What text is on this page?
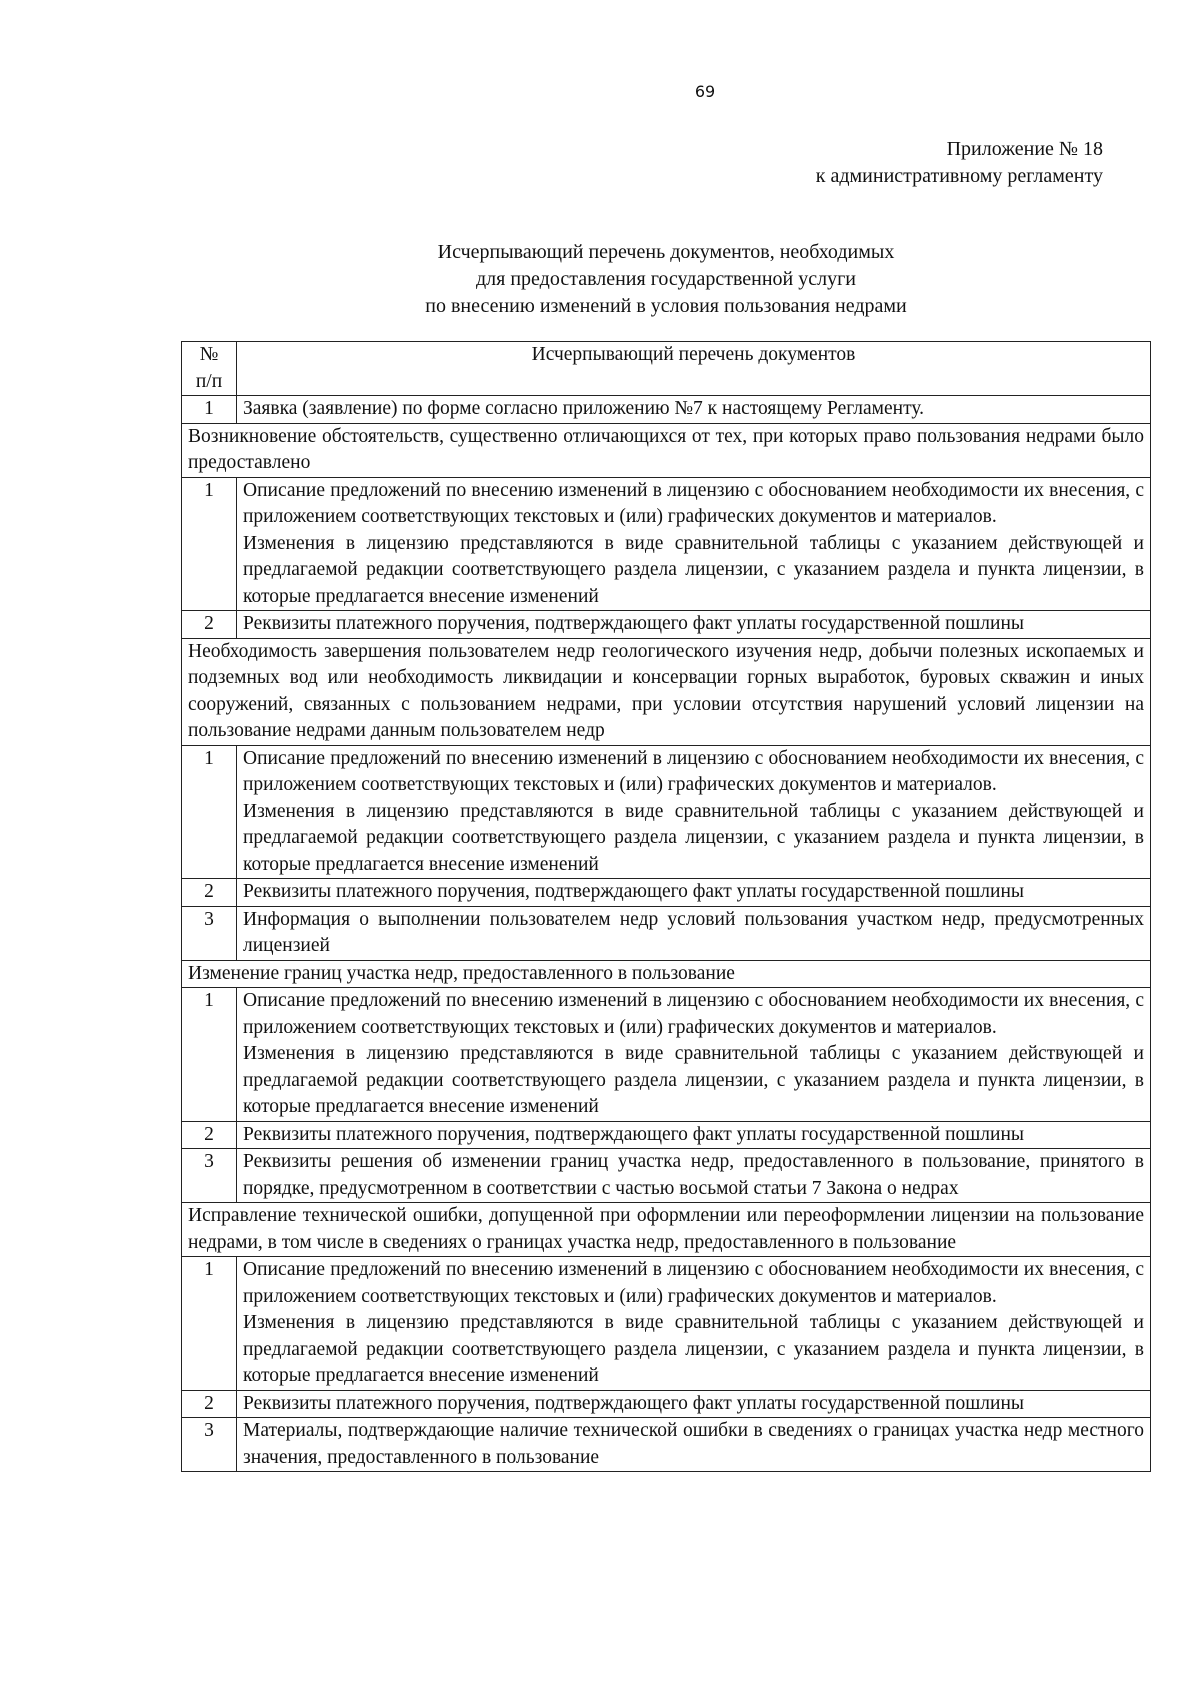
69
Приложение № 18
к административному регламенту
Исчерпывающий перечень документов, необходимых
для предоставления государственной услуги
по внесению изменений в условия пользования недрами
№
п/п	Исчерпывающий перечень документов
1	Заявка (заявление) по форме согласно приложению №7 к настоящему Регламенту.
Возникновение обстоятельств, существенно отличающихся от тех, при которых право пользования недрами было предоставлено	
1	Описание предложений по внесению изменений в лицензию с обоснованием необходимости их внесения, с приложением соответствующих текстовых и (или) графических документов и материалов.
Изменения в лицензию представляются в виде сравнительной таблицы с указанием действующей и предлагаемой редакции соответствующего раздела лицензии, с указанием раздела и пункта лицензии, в которые предлагается внесение изменений

2	Реквизиты платежного поручения, подтверждающего факт уплаты государственной пошлины

Необходимость завершения пользователем недр геологического изучения недр, добычи полезных ископаемых и подземных вод или необходимость ликвидации и консервации горных выработок, буровых скважин и иных сооружений, связанных с пользованием недрами, при условии отсутствия нарушений условий лицензии на пользование недрами данным пользователем недр	
1	Описание предложений по внесению изменений в лицензию с обоснованием необходимости их внесения, с приложением соответствующих текстовых и (или) графических документов и материалов.
Изменения в лицензию представляются в виде сравнительной таблицы с указанием действующей и предлагаемой редакции соответствующего раздела лицензии, с указанием раздела и пункта лицензии, в которые предлагается внесение изменений

2	Реквизиты платежного поручения, подтверждающего факт уплаты государственной пошлины

3	Информация о выполнении пользователем недр условий пользования участком недр, предусмотренных лицензией

Изменение границ участка недр, предоставленного в пользование	
1	Описание предложений по внесению изменений в лицензию с обоснованием необходимости их внесения, с приложением соответствующих текстовых и (или) графических документов и материалов.
Изменения в лицензию представляются в виде сравнительной таблицы с указанием действующей и предлагаемой редакции соответствующего раздела лицензии, с указанием раздела и пункта лицензии, в которые предлагается внесение изменений

2	Реквизиты платежного поручения, подтверждающего факт уплаты государственной пошлины

3	Реквизиты решения об изменении границ участка недр, предоставленного в пользование, принятого в порядке, предусмотренном в соответствии с частью восьмой статьи 7 Закона о недрах

Исправление технической ошибки, допущенной при оформлении или переоформлении лицензии на пользование недрами, в том числе в сведениях о границах участка недр, предоставленного в пользование	
1	Описание предложений по внесению изменений в лицензию с обоснованием необходимости их внесения, с приложением соответствующих текстовых и (или) графических документов и материалов.
Изменения в лицензию представляются в виде сравнительной таблицы с указанием действующей и предлагаемой редакции соответствующего раздела лицензии, с указанием раздела и пункта лицензии, в которые предлагается внесение изменений

2	Реквизиты платежного поручения, подтверждающего факт уплаты государственной пошлины

3	Материалы, подтверждающие наличие технической ошибки в сведениях о границах участка недр местного значения, предоставленного в пользование
